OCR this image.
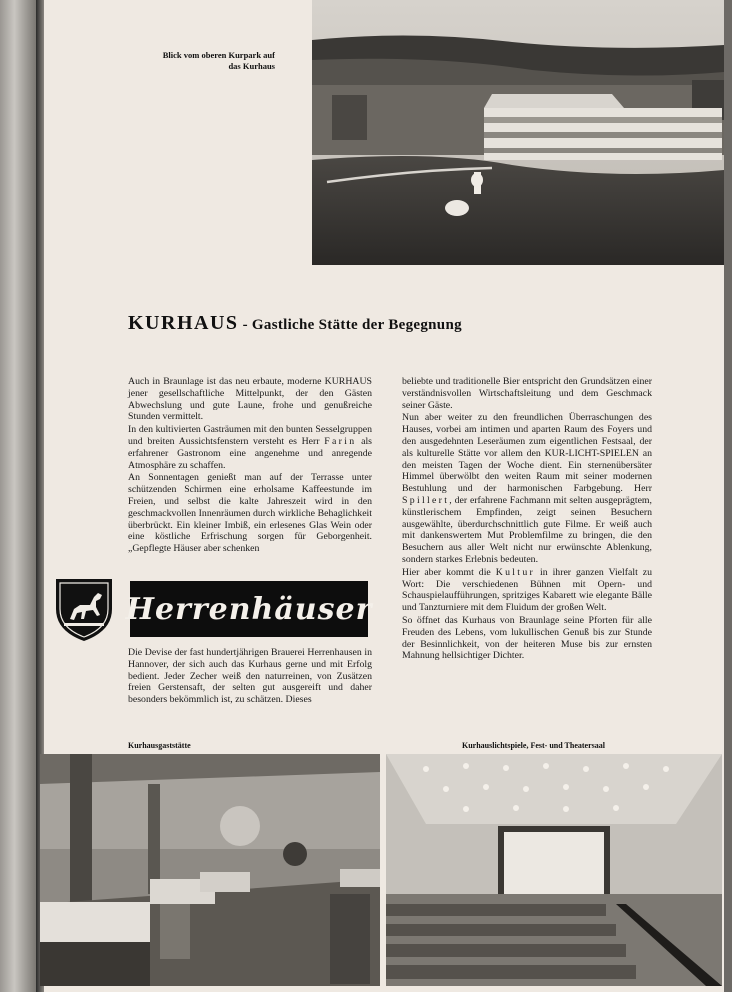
Blick vom oberen Kurpark auf das Kurhaus
KURHAUS - Gastliche Stätte der Begegnung

Auch in Braunlage ist das neu erbaute, moderne KURHAUS jener gesellschaftliche Mittelpunkt, der den Gästen Abwechslung und gute Laune, frohe und genußreiche Stunden vermittelt.

In den kultivierten Gasträumen mit den bunten Sesselgruppen und breiten Aussichtsfenstern versteht es Herr Farin als erfahrener Gastronom eine angenehme und anregende Atmosphäre zu schaffen.

An Sonnentagen genießt man auf der Terrasse unter schützenden Schirmen eine erholsame Kaffeestunde im Freien, und selbst die kalte Jahreszeit wird in den geschmackvollen Innenräumen durch wirkliche Behaglichkeit überbrückt. Ein kleiner Imbiß, ein erlesenes Glas Wein oder eine köstliche Erfrischung sorgen für Geborgenheit. „Gepflegte Häuser aber schenken

Herrenhäuser

Die Devise der fast hundertjährigen Brauerei Herrenhausen in Hannover, der sich auch das Kurhaus gerne und mit Erfolg bedient. Jeder Zecher weiß den naturreinen, von Zusätzen freien Gerstensaft, der selten gut ausgereift und daher besonders bekömmlich ist, zu schätzen. Dieses

beliebte und traditionelle Bier entspricht den Grundsätzen einer verständnisvollen Wirtschaftsleitung und dem Geschmack seiner Gäste.

Nun aber weiter zu den freundlichen Überraschungen des Hauses, vorbei am intimen und aparten Raum des Foyers und den ausgedehnten Leseräumen zum eigentlichen Festsaal, der als kulturelle Stätte vor allem den KUR-LICHT-SPIELEN an den meisten Tagen der Woche dient. Ein sternenübersäter Himmel überwölbt den weiten Raum mit seiner modernen Bestuhlung und der harmonischen Farbgebung. Herr Spillert, der erfahrene Fachmann mit selten ausgeprägtem, künstlerischem Empfinden, zeigt seinen Besuchern ausgewählte, überdurchschnittlich gute Filme. Er weiß auch mit dankenswertem Mut Problemfilme zu bringen, die den Besuchern aus aller Welt nicht nur erwünschte Ablenkung, sondern starkes Erlebnis bedeuten.

Hier aber kommt die Kultur in ihrer ganzen Vielfalt zu Wort: Die verschiedenen Bühnen mit Opern- und Schauspielaufführungen, spritziges Kabarett wie elegante Bälle und Tanzturniere mit dem Fluidum der großen Welt.

So öffnet das Kurhaus von Braunlage seine Pforten für alle Freuden des Lebens, vom lukullischen Genuß bis zur Stunde der Besinnlichkeit, von der heiteren Muse bis zur ernsten Mahnung hellsichtiger Dichter.

Kurhausgaststätte	Kurhauslichtspiele, Fest- und Theatersaal
